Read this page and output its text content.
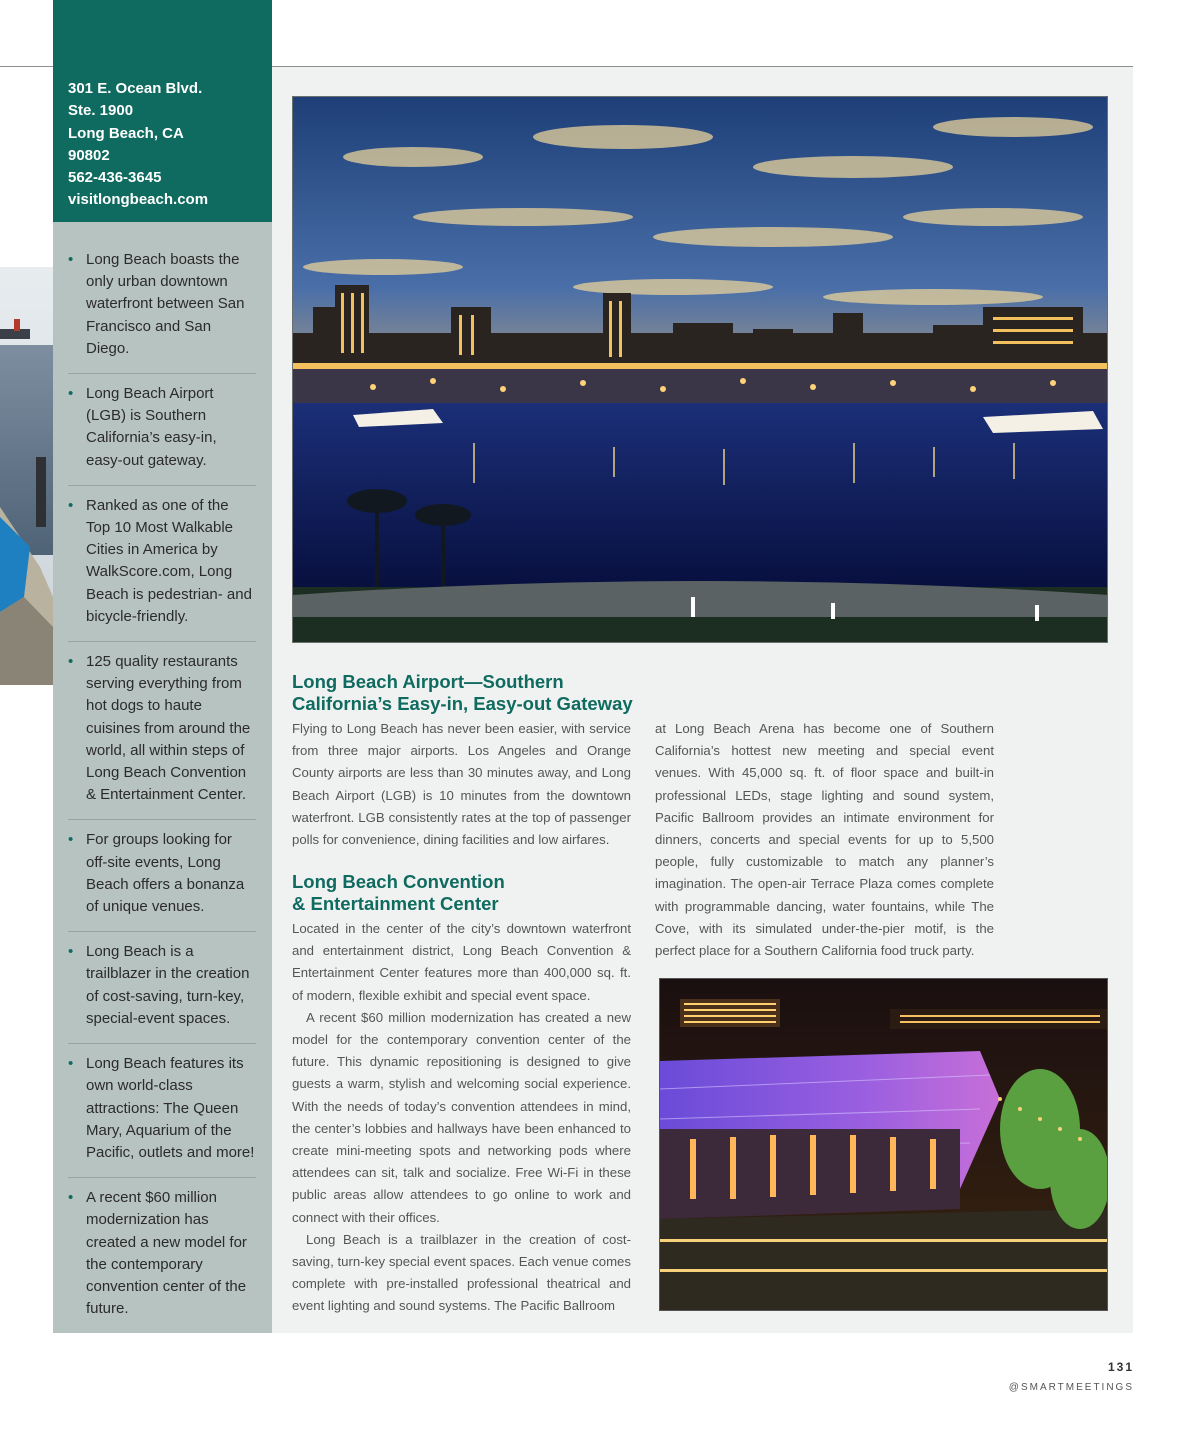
301 E. Ocean Blvd.
Ste. 1900
Long Beach, CA
90802
562-436-3645
visitlongbeach.com
• Long Beach boasts the only urban downtown waterfront between San Francisco and San Diego.
• Long Beach Airport (LGB) is Southern California’s easy-in, easy-out gateway.
• Ranked as one of the Top 10 Most Walkable Cities in America by WalkScore.com, Long Beach is pedestrian- and bicycle-friendly.
• 125 quality restaurants serving everything from hot dogs to haute cuisines from around the world, all within steps of Long Beach Convention & Entertainment Center.
• For groups looking for off-site events, Long Beach offers a bonanza of unique venues.
• Long Beach is a trailblazer in the creation of cost-saving, turn-key, special-event spaces.
• Long Beach features its own world-class attractions: The Queen Mary, Aquarium of the Pacific, outlets and more!
• A recent $60 million modernization has created a new model for the contemporary convention center of the future.
Long Beach Airport—Southern
California’s Easy-in, Easy-out Gateway

Flying to Long Beach has never been easier, with service from three major airports. Los Angeles and Orange County airports are less than 30 minutes away, and Long Beach Airport (LGB) is 10 minutes from the downtown waterfront. LGB consistently rates at the top of passenger polls for convenience, dining facilities and low airfares.

Long Beach Convention
& Entertainment Center

Located in the center of the city’s downtown waterfront and entertainment district, Long Beach Convention & Entertainment Center features more than 400,000 sq. ft. of modern, flexible exhibit and special event space.

A recent $60 million modernization has created a new model for the contemporary convention center of the future. This dynamic repositioning is designed to give guests a warm, stylish and welcoming social experience. With the needs of today’s convention attendees in mind, the center’s lobbies and hallways have been enhanced to create mini-meeting spots and networking pods where attendees can sit, talk and socialize. Free Wi-Fi in these public areas allow attendees to go online to work and connect with their offices.

Long Beach is a trailblazer in the creation of cost-saving, turn-key special event spaces. Each venue comes complete with pre-installed professional theatrical and event lighting and sound systems. The Pacific Ballroom

at Long Beach Arena has become one of Southern California’s hottest new meeting and special event venues. With 45,000 sq. ft. of floor space and built-in professional LEDs, stage lighting and sound system, Pacific Ballroom provides an intimate environment for dinners, concerts and special events for up to 5,500 people, fully customizable to match any planner’s imagination. The open-air Terrace Plaza comes complete with programmable dancing, water fountains, while The Cove, with its simulated under-the-pier motif, is the perfect place for a Southern California food truck party.

131
@SMARTMEETINGS
